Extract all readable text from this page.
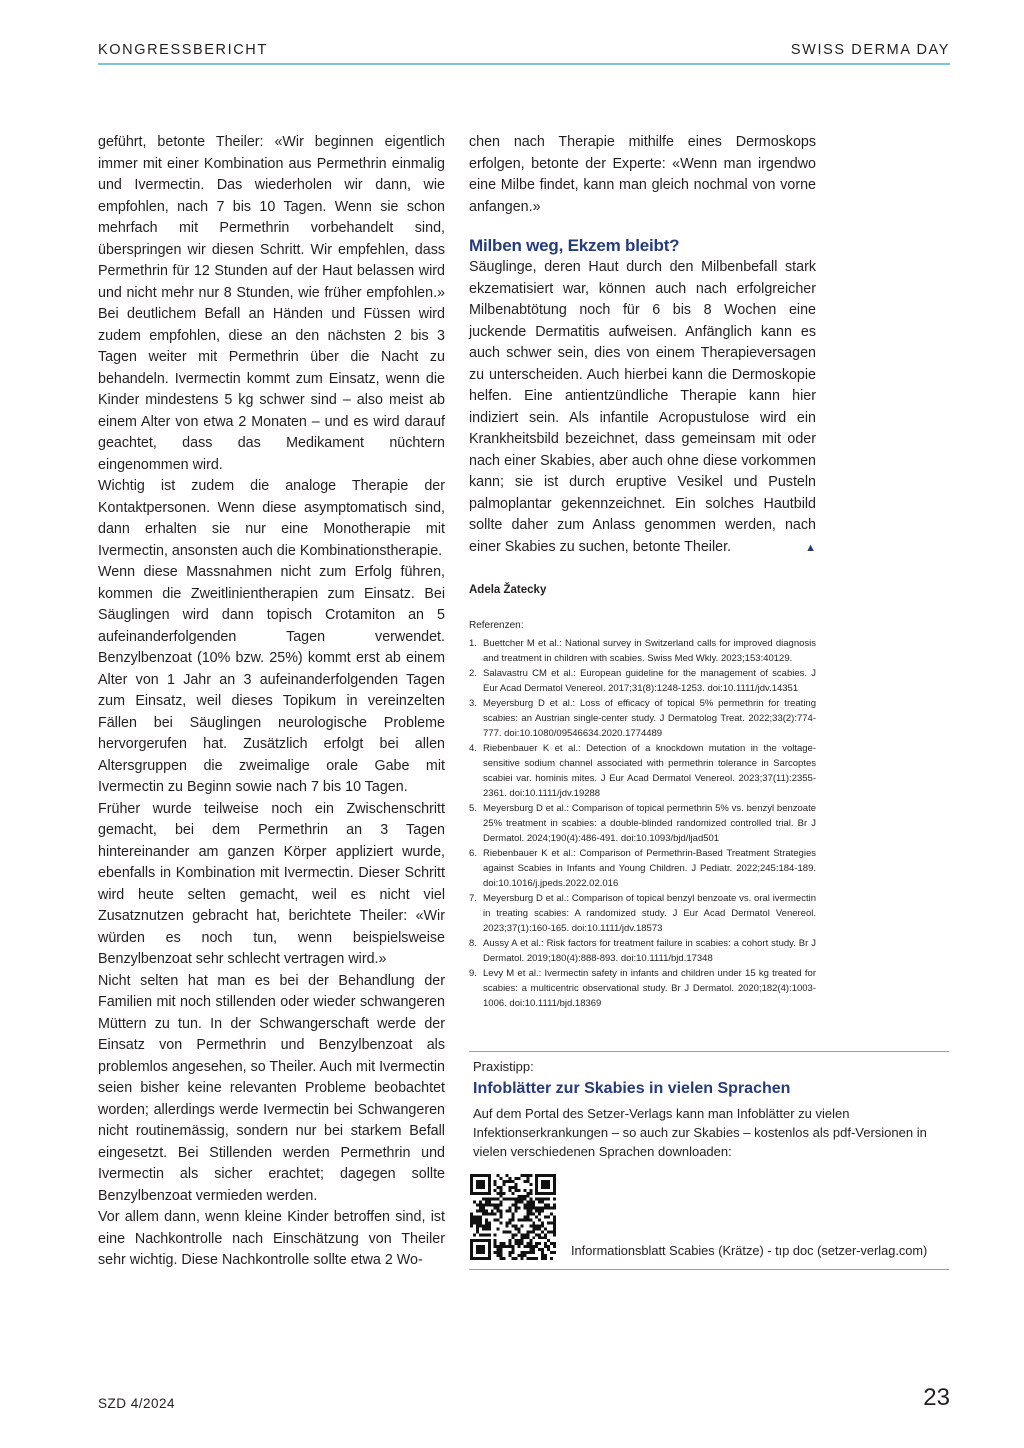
KONGRESSBERICHT	SWISS DERMA DAY

geführt, betonte Theiler: «Wir beginnen eigentlich immer mit einer Kombination aus Permethrin einmalig und Ivermectin. Das wiederholen wir dann, wie empfohlen, nach 7 bis 10 Tagen. Wenn sie schon mehrfach mit Permethrin vorbehandelt sind, überspringen wir diesen Schritt. Wir empfehlen, dass Permethrin für 12 Stunden auf der Haut belassen wird und nicht mehr nur 8 Stunden, wie früher empfohlen.» Bei deutlichem Befall an Händen und Füssen wird zudem empfohlen, diese an den nächsten 2 bis 3 Tagen weiter mit Permethrin über die Nacht zu behandeln. Ivermectin kommt zum Einsatz, wenn die Kinder mindestens 5 kg schwer sind – also meist ab einem Alter von etwa 2 Monaten – und es wird darauf geachtet, dass das Medikament nüchtern eingenommen wird.

Wichtig ist zudem die analoge Therapie der Kontaktpersonen. Wenn diese asymptomatisch sind, dann erhalten sie nur eine Monotherapie mit Ivermectin, ansonsten auch die Kombinationstherapie.

Wenn diese Massnahmen nicht zum Erfolg führen, kommen die Zweitlinientherapien zum Einsatz. Bei Säuglingen wird dann topisch Crotamiton an 5 aufeinanderfolgenden Tagen verwendet. Benzylbenzoat (10% bzw. 25%) kommt erst ab einem Alter von 1 Jahr an 3 aufeinanderfolgenden Tagen zum Einsatz, weil dieses Topikum in vereinzelten Fällen bei Säuglingen neurologische Probleme hervorgerufen hat. Zusätzlich erfolgt bei allen Altersgruppen die zweimalige orale Gabe mit Ivermectin zu Beginn sowie nach 7 bis 10 Tagen.

Früher wurde teilweise noch ein Zwischenschritt gemacht, bei dem Permethrin an 3 Tagen hintereinander am ganzen Körper appliziert wurde, ebenfalls in Kombination mit Ivermectin. Dieser Schritt wird heute selten gemacht, weil es nicht viel Zusatznutzen gebracht hat, berichtete Theiler: «Wir würden es noch tun, wenn beispielsweise Benzylbenzoat sehr schlecht vertragen wird.»

Nicht selten hat man es bei der Behandlung der Familien mit noch stillenden oder wieder schwangeren Müttern zu tun. In der Schwangerschaft werde der Einsatz von Permethrin und Benzylbenzoat als problemlos angesehen, so Theiler. Auch mit Ivermectin seien bisher keine relevanten Probleme beobachtet worden; allerdings werde Ivermectin bei Schwangeren nicht routinemässig, sondern nur bei starkem Befall eingesetzt. Bei Stillenden werden Permethrin und Ivermectin als sicher erachtet; dagegen sollte Benzylbenzoat vermieden werden.

Vor allem dann, wenn kleine Kinder betroffen sind, ist eine Nachkontrolle nach Einschätzung von Theiler sehr wichtig. Diese Nachkontrolle sollte etwa 2 Wo-

chen nach Therapie mithilfe eines Dermoskops erfolgen, betonte der Experte: «Wenn man irgendwo eine Milbe findet, kann man gleich nochmal von vorne anfangen.»

Milben weg, Ekzem bleibt?

Säuglinge, deren Haut durch den Milbenbefall stark ekzematisiert war, können auch nach erfolgreicher Milbenabtötung noch für 6 bis 8 Wochen eine juckende Dermatitis aufweisen. Anfänglich kann es auch schwer sein, dies von einem Therapieversagen zu unterscheiden. Auch hierbei kann die Dermoskopie helfen. Eine antientzündliche Therapie kann hier indiziert sein. Als infantile Acropustulose wird ein Krankheitsbild bezeichnet, dass gemeinsam mit oder nach einer Skabies, aber auch ohne diese vorkommen kann; sie ist durch eruptive Vesikel und Pusteln palmoplantar gekennzeichnet. Ein solches Hautbild sollte daher zum Anlass genommen werden, nach einer Skabies zu suchen, betonte Theiler.	▲

Adela Žatecky
Referenzen:
1. Buettcher M et al.: National survey in Switzerland calls for improved diagnosis and treatment in children with scabies. Swiss Med Wkly. 2023;153:40129.
2. Salavastru CM et al.: European guideline for the management of scabies. J Eur Acad Dermatol Venereol. 2017;31(8):1248-1253. doi:10.1111/jdv.14351
3. Meyersburg D et al.: Loss of efficacy of topical 5% permethrin for treating scabies: an Austrian single-center study. J Dermatolog Treat. 2022;33(2):774-777. doi:10.1080/09546634.2020.1774489
4. Riebenbauer K et al.: Detection of a knockdown mutation in the voltage-sensitive sodium channel associated with permethrin tolerance in Sarcoptes scabiei var. hominis mites. J Eur Acad Dermatol Venereol. 2023;37(11):2355-2361. doi:10.1111/jdv.19288
5. Meyersburg D et al.: Comparison of topical permethrin 5% vs. benzyl benzoate 25% treatment in scabies: a double-blinded randomized controlled trial. Br J Dermatol. 2024;190(4):486-491. doi:10.1093/bjd/ljad501
6. Riebenbauer K et al.: Comparison of Permethrin-Based Treatment Strategies against Scabies in Infants and Young Children. J Pediatr. 2022;245:184-189. doi:10.1016/j.jpeds.2022.02.016
7. Meyersburg D et al.: Comparison of topical benzyl benzoate vs. oral ivermectin in treating scabies: A randomized study. J Eur Acad Dermatol Venereol. 2023;37(1):160-165. doi:10.1111/jdv.18573
8. Aussy A et al.: Risk factors for treatment failure in scabies: a cohort study. Br J Dermatol. 2019;180(4):888-893. doi:10.1111/bjd.17348
9. Levy M et al.: Ivermectin safety in infants and children under 15 kg treated for scabies: a multicentric observational study. Br J Dermatol. 2020;182(4):1003-1006. doi:10.1111/bjd.18369
Praxistipp:
Infoblätter zur Skabies in vielen Sprachen
Auf dem Portal des Setzer-Verlags kann man Infoblätter zu vielen Infektionserkrankungen – so auch zur Skabies – kostenlos als pdf-Versionen in vielen verschiedenen Sprachen downloaden:
Informationsblatt Scabies (Krätze) - tıp doc (setzer-verlag.com)
SZD 4/2024	23
